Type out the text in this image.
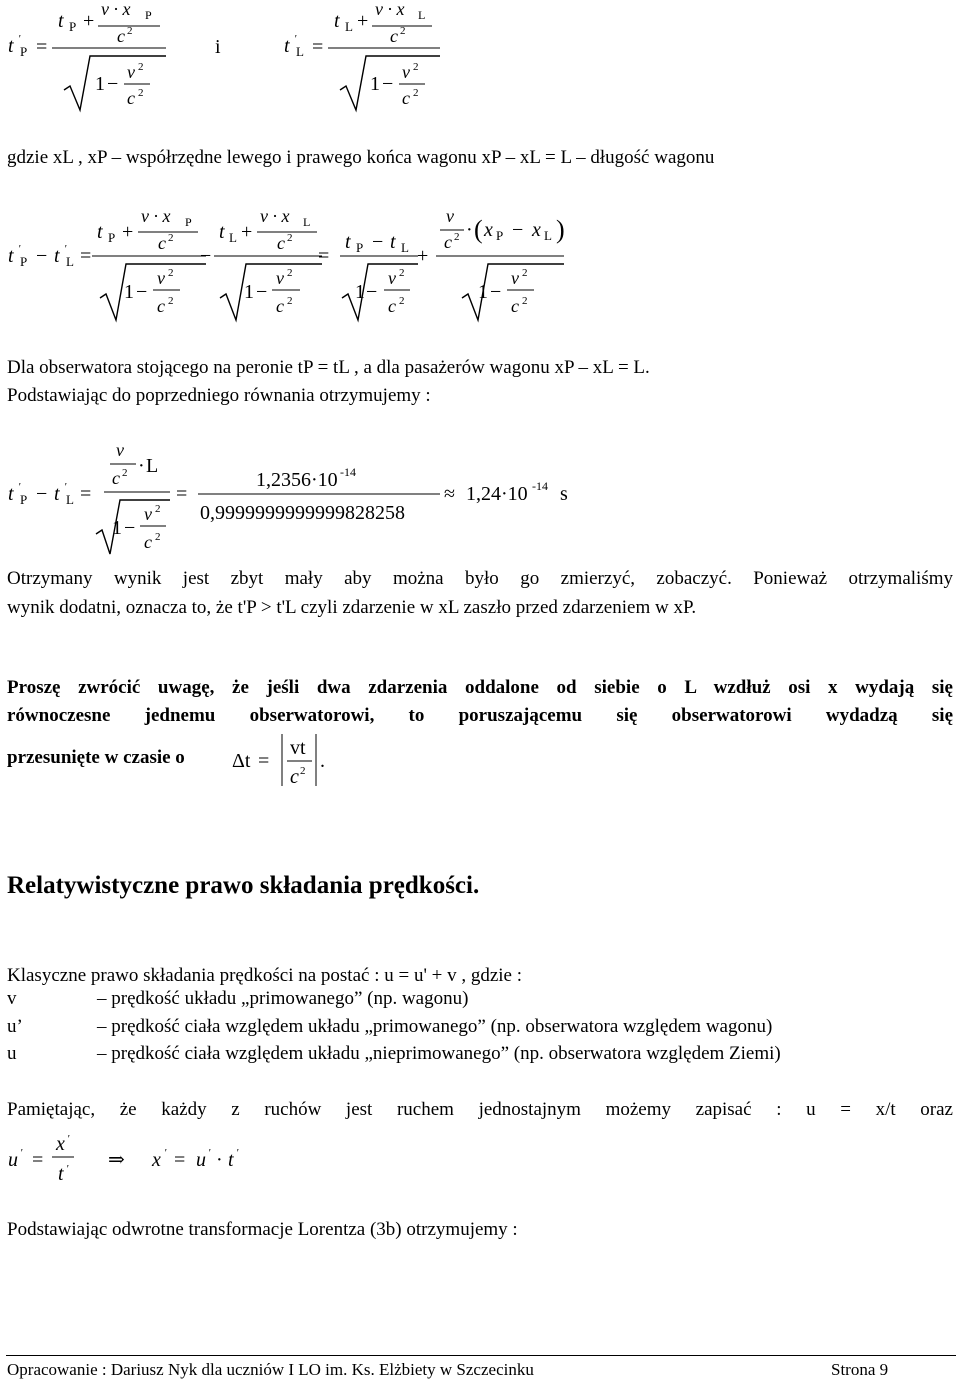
t '
P =
t P +
v · x P
c 2
1 −
v 2
c 2
i	t '
L =
t L +
v · x L
c 2
1 −
v 2
c 2
gdzie xL , xP – współrzędne lewego i prawego końca wagonu xP – xL = L – długość wagonu
t '
P − t '
L =
t P +
v · x P
c 2
1 −
v 2
c 2
−
t L +
v · x L
c 2
1 −
v 2
c 2
=
t P − t L
1 −
v 2
c 2
+
v
c 2 · ( x P − x L )
1 −
v 2
c 2
Dla obserwatora stojącego na peronie tP = tL , a dla pasażerów wagonu xP – xL = L.
Podstawiając do poprzedniego równania otrzymujemy :
t '
P − t '
L =
v
c 2 · L
1 −
v 2
c 2
=
1,2356·10 -14
0,9999999999999828258
≈ 1,24·10 -14 s
Otrzymany wynik jest zbyt mały aby można było go zmierzyć, zobaczyć. Ponieważ otrzymaliśmy
wynik dodatni, oznacza to, że t'P > t'L czyli zdarzenie w xL zaszło przed zdarzeniem w xP.
Proszę zwrócić uwagę, że jeśli dwa zdarzenia oddalone od siebie o L wzdłuż osi x wydają się
równoczesne jednemu obserwatorowi, to poruszającemu się obserwatorowi wydadzą się
przesunięte w czasie o Δt =
vt
c 2 .
Relatywistyczne prawo składania prędkości.
Klasyczne prawo składania prędkości na postać : u = u' + v , gdzie :
v	– prędkość układu „primowanego” (np. wagonu)
u’	– prędkość ciała względem układu „primowanego” (np. obserwatora względem wagonu)
u	– prędkość ciała względem układu „nieprimowanego” (np. obserwatora względem Ziemi)
Pamiętając, że każdy z ruchów jest ruchem jednostajnym możemy zapisać : u = x/t oraz
u ' =
x '
t ' ⇒ x ' = u ' · t '
Podstawiając odwrotne transformacje Lorentza (3b) otrzymujemy :
Opracowanie : Dariusz Nyk dla uczniów I LO im. Ks. Elżbiety w Szczecinku	Strona 9
